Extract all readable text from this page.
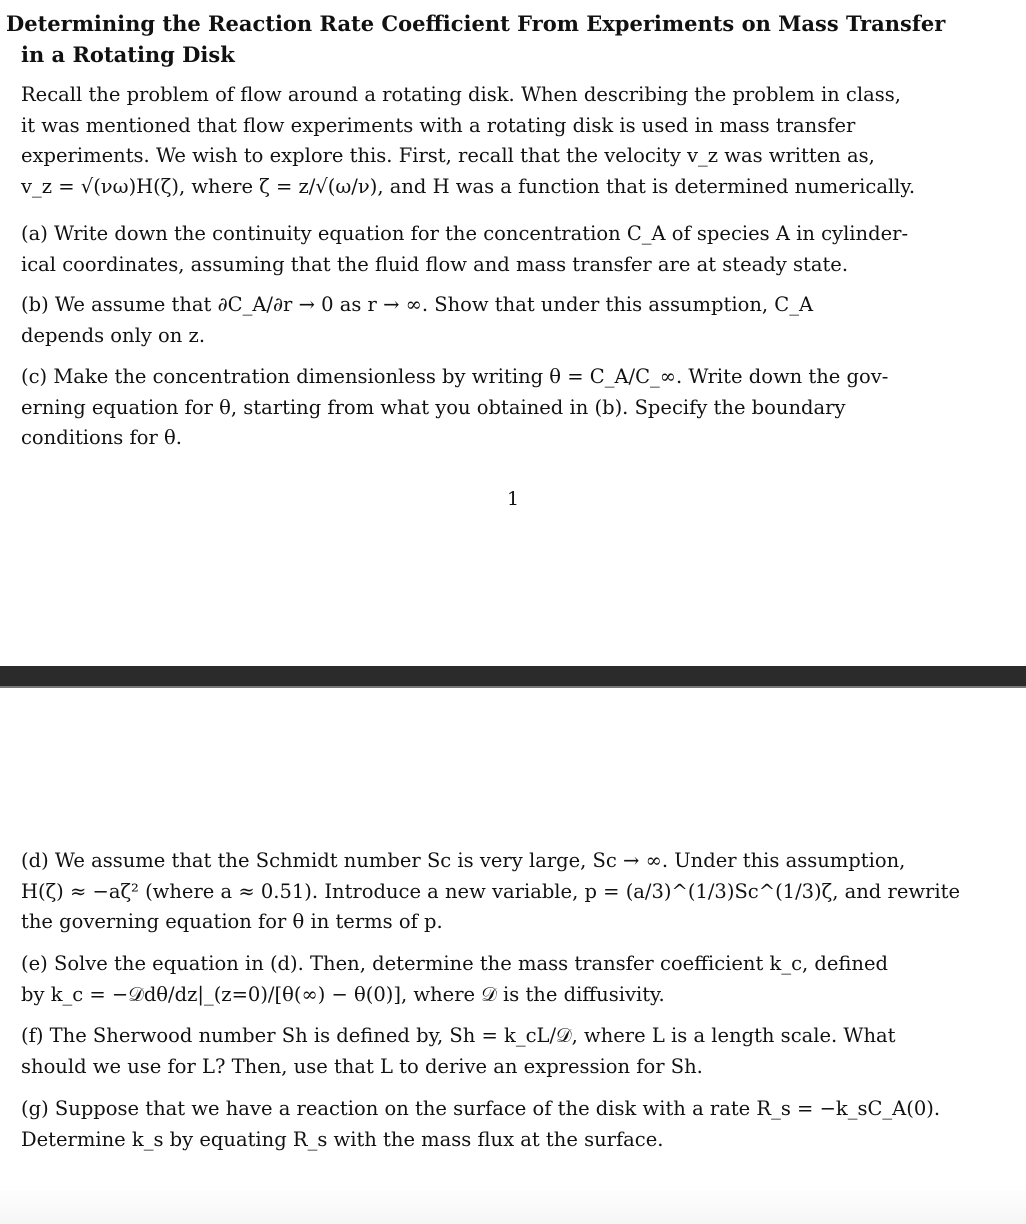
Determining the Reaction Rate Coefficient From Experiments on Mass Transfer
in a Rotating Disk
Recall the problem of flow around a rotating disk. When describing the problem in class,
it was mentioned that flow experiments with a rotating disk is used in mass transfer
experiments. We wish to explore this. First, recall that the velocity v_z was written as,
v_z = √(νω)H(ζ), where ζ = z/√(ω/ν), and H was a function that is determined numerically.
(a) Write down the continuity equation for the concentration C_A of species A in cylinder-
ical coordinates, assuming that the fluid flow and mass transfer are at steady state.
(b) We assume that ∂C_A/∂r → 0 as r → ∞. Show that under this assumption, C_A
depends only on z.
(c) Make the concentration dimensionless by writing θ = C_A/C_∞. Write down the gov-
erning equation for θ, starting from what you obtained in (b). Specify the boundary
conditions for θ.
1
(d) We assume that the Schmidt number Sc is very large, Sc → ∞. Under this assumption,
H(ζ) ≈ −aζ² (where a ≈ 0.51). Introduce a new variable, p = (a/3)^(1/3)Sc^(1/3)ζ, and rewrite
the governing equation for θ in terms of p.
(e) Solve the equation in (d). Then, determine the mass transfer coefficient k_c, defined
by k_c = −𝒟dθ/dz|_(z=0)/[θ(∞) − θ(0)], where 𝒟 is the diffusivity.
(f) The Sherwood number Sh is defined by, Sh = k_cL/𝒟, where L is a length scale. What
should we use for L? Then, use that L to derive an expression for Sh.
(g) Suppose that we have a reaction on the surface of the disk with a rate R_s = −k_sC_A(0).
Determine k_s by equating R_s with the mass flux at the surface.
